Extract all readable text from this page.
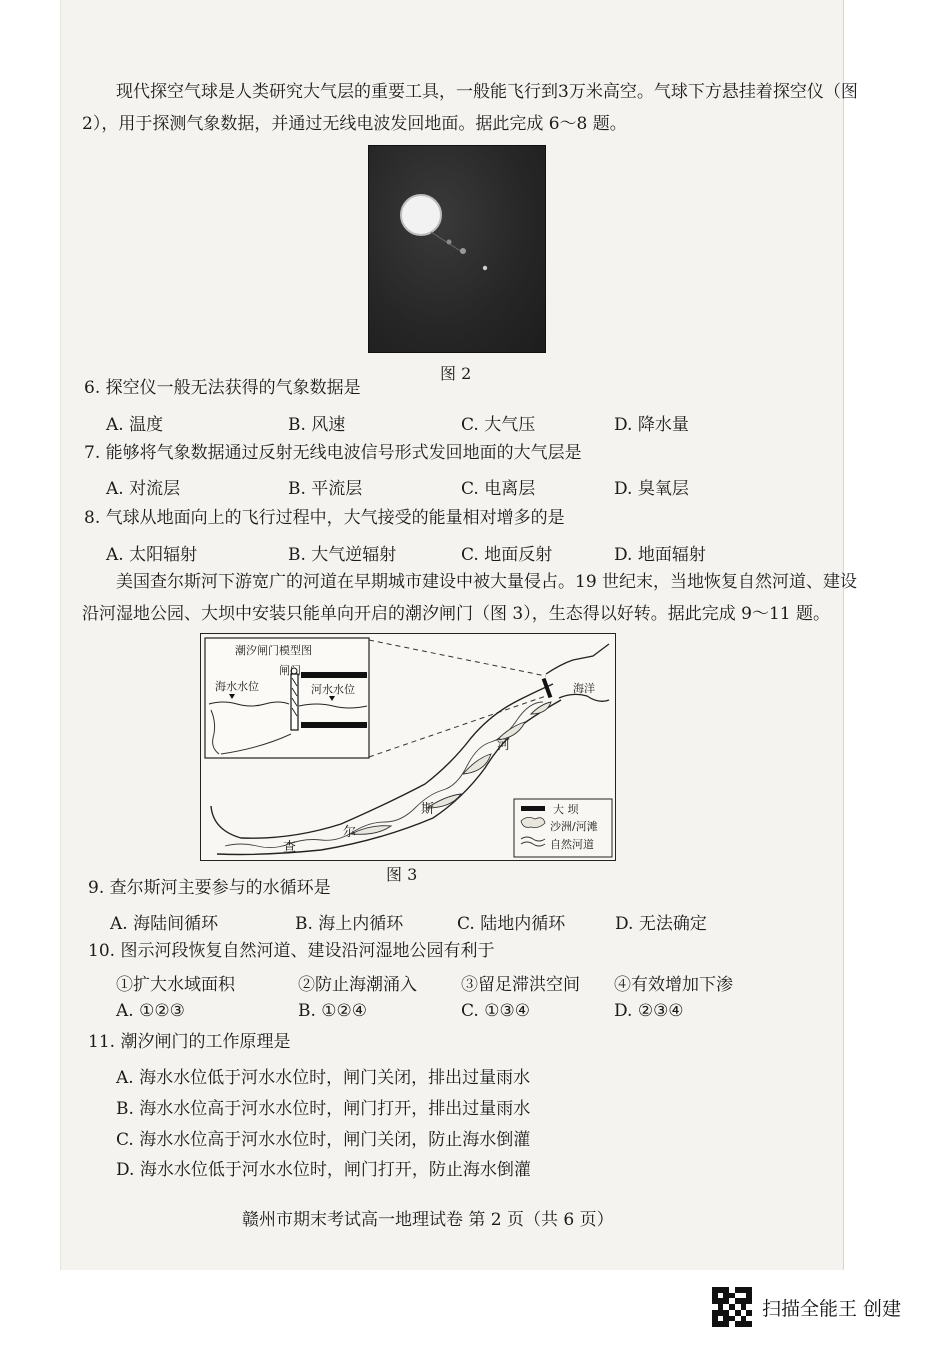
现代探空气球是人类研究大气层的重要工具，一般能飞行到3万米高空。气球下方悬挂着探空仪（图 2），用于探测气象数据，并通过无线电波发回地面。据此完成 6～8 题。
图 2
6. 探空仪一般无法获得的气象数据是
A. 温度	B. 风速	C. 大气压	D. 降水量
7. 能够将气象数据通过反射无线电波信号形式发回地面的大气层是
A. 对流层	B. 平流层	C. 电离层	D. 臭氧层
8. 气球从地面向上的飞行过程中，大气接受的能量相对增多的是
A. 太阳辐射	B. 大气逆辐射	C. 地面反射	D. 地面辐射
美国查尔斯河下游宽广的河道在早期城市建设中被大量侵占。19 世纪末，当地恢复自然河道、建设沿河湿地公园、大坝中安装只能单向开启的潮汐闸门（图 3），生态得以好转。据此完成 9～11 题。
潮汐闸门模型图
闸门
海水水位	河水水位	海洋
查
尔
斯
河
大 坝
沙洲/河滩
自然河道
图 3
9. 查尔斯河主要参与的水循环是
A. 海陆间循环	B. 海上内循环	C. 陆地内循环	D. 无法确定
10. 图示河段恢复自然河道、建设沿河湿地公园有利于
①扩大水域面积	②防止海潮涌入	③留足滞洪空间 ④有效增加下渗
A. ①②③	B. ①②④	C. ①③④	D. ②③④
11. 潮汐闸门的工作原理是
A. 海水水位低于河水水位时，闸门关闭，排出过量雨水
B. 海水水位高于河水水位时，闸门打开，排出过量雨水
C. 海水水位高于河水水位时，闸门关闭，防止海水倒灌
D. 海水水位低于河水水位时，闸门打开，防止海水倒灌
赣州市期末考试高一地理试卷 第 2 页（共 6 页）
扫描全能王 创建
